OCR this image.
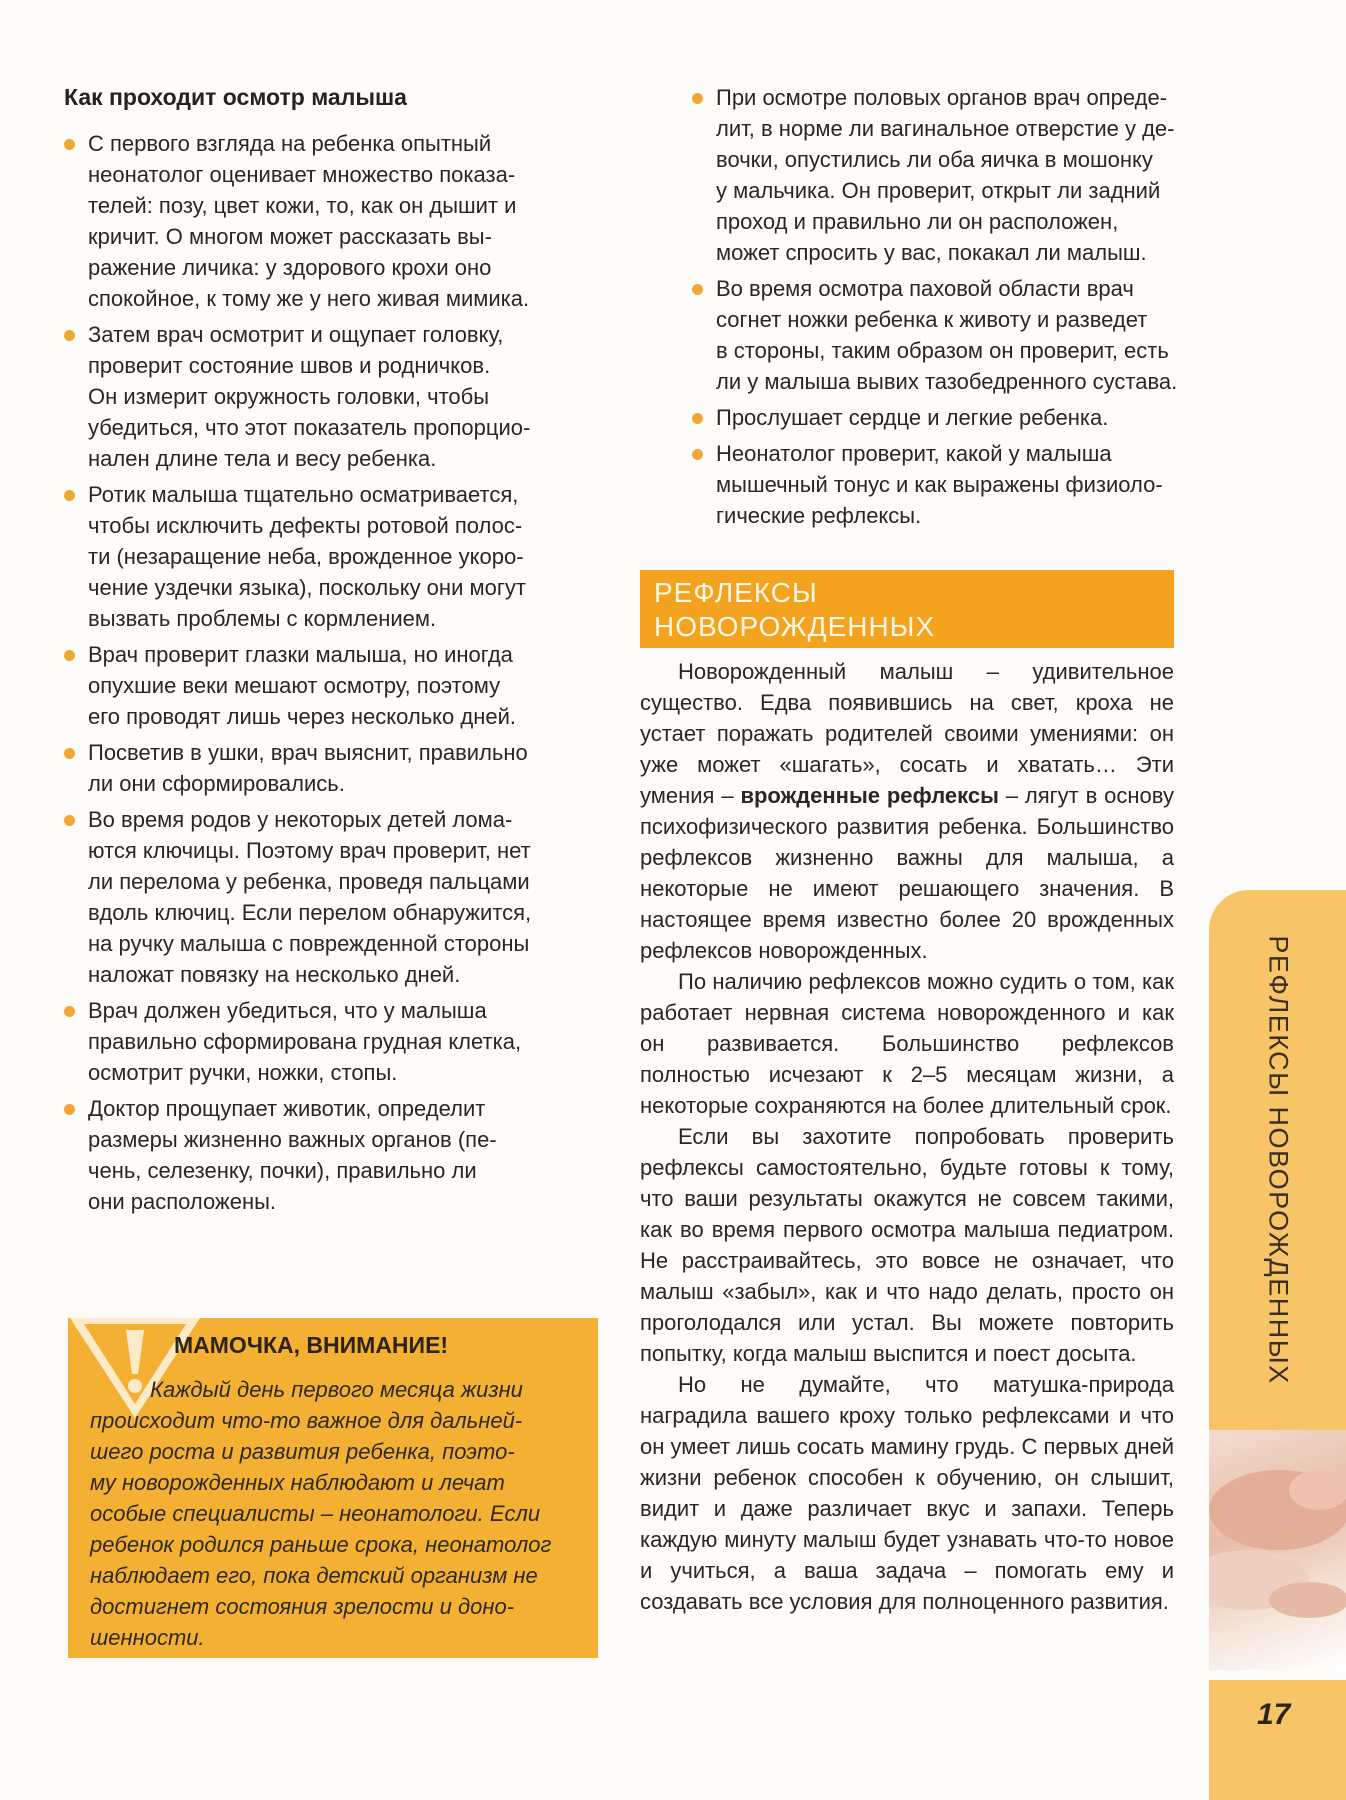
Как проходит осмотр малыша
С первого взгляда на ребенка опытный
неонатолог оценивает множество показа-
телей: позу, цвет кожи, то, как он дышит и
кричит. О многом может рассказать вы-
ражение личика: у здорового крохи оно
спокойное, к тому же у него живая мимика.
Затем врач осмотрит и ощупает головку,
проверит состояние швов и родничков.
Он измерит окружность головки, чтобы
убедиться, что этот показатель пропорцио-
нален длине тела и весу ребенка.
Ротик малыша тщательно осматривается,
чтобы исключить дефекты ротовой полос-
ти (незаращение неба, врожденное укоро-
чение уздечки языка), поскольку они могут
вызвать проблемы с кормлением.
Врач проверит глазки малыша, но иногда
опухшие веки мешают осмотру, поэтому
его проводят лишь через несколько дней.
Посветив в ушки, врач выяснит, правильно
ли они сформировались.
Во время родов у некоторых детей лома-
ются ключицы. Поэтому врач проверит, нет
ли перелома у ребенка, проведя пальцами
вдоль ключиц. Если перелом обнаружится,
на ручку малыша с поврежденной стороны
наложат повязку на несколько дней.
Врач должен убедиться, что у малыша
правильно сформирована грудная клетка,
осмотрит ручки, ножки, стопы.
Доктор прощупает животик, определит
размеры жизненно важных органов (пе-
чень, селезенку, почки), правильно ли
они расположены.
При осмотре половых органов врач опреде-
лит, в норме ли вагинальное отверстие у де-
вочки, опустились ли оба яичка в мошонку
у мальчика. Он проверит, открыт ли задний
проход и правильно ли он расположен,
может спросить у вас, покакал ли малыш.
Во время осмотра паховой области врач
согнет ножки ребенка к животу и разведет
в стороны, таким образом он проверит, есть
ли у малыша вывих тазобедренного сустава.
Прослушает сердце и легкие ребенка.
Неонатолог проверит, какой у малыша
мышечный тонус и как выражены физиоло-
гические рефлексы.
РЕФЛЕКСЫ
НОВОРОЖДЕННЫХ

Новорожденный малыш – удивительное существо. Едва появившись на свет, кроха не устает поражать родителей своими умениями: он уже может «шагать», сосать и хватать… Эти умения – врожденные рефлексы – лягут в основу психофизического развития ребенка. Большинство рефлексов жизненно важны для малыша, а некоторые не имеют решающего значения. В настоящее время известно более 20 врожденных рефлексов новорожденных.

По наличию рефлексов можно судить о том, как работает нервная система новорожденного и как он развивается. Большинство рефлексов полностью исчезают к 2–5 месяцам жизни, а некоторые сохраняются на более длительный срок.

Если вы захотите попробовать проверить рефлексы самостоятельно, будьте готовы к тому, что ваши результаты окажутся не совсем такими, как во время первого осмотра малыша педиатром. Не расстраивайтесь, это вовсе не означает, что малыш «забыл», как и что надо делать, просто он проголодался или устал. Вы можете повторить попытку, когда малыш выспится и поест досыта.

Но не думайте, что матушка-природа наградила вашего кроху только рефлексами и что он умеет лишь сосать мамину грудь. С первых дней жизни ребенок способен к обучению, он слышит, видит и даже различает вкус и запахи. Теперь каждую минуту малыш будет узнавать что-то новое и учиться, а ваша задача – помогать ему и создавать все условия для полноценного развития.

МАМОЧКА, ВНИМАНИЕ!
Каждый день первого месяца жизни
происходит что-то важное для дальней-
шего роста и развития ребенка, поэто-
му новорожденных наблюдают и лечат
особые специалисты – неонатологи. Если
ребенок родился раньше срока, неонатолог
наблюдает его, пока детский организм не
достигнет состояния зрелости и доно-
шенности.
РЕФЛЕКСЫ НОВОРОЖДЕННЫХ
17
